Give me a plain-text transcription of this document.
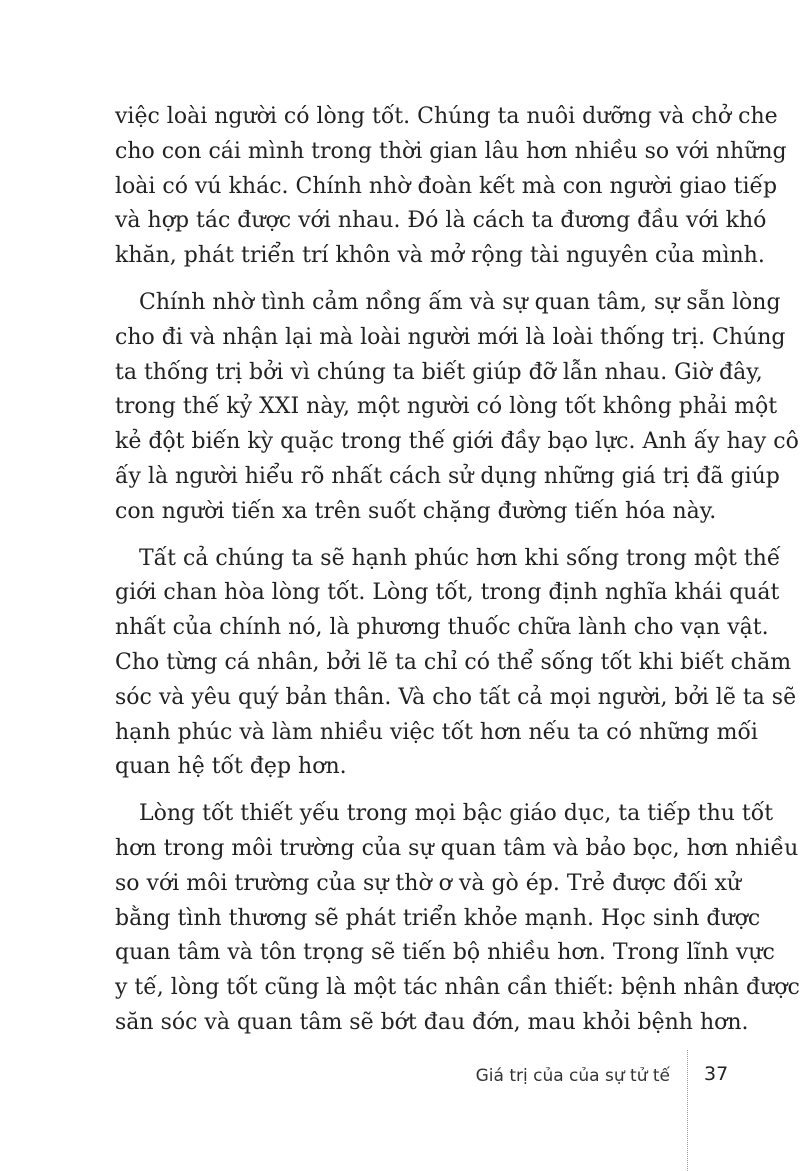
việc loài người có lòng tốt. Chúng ta nuôi dưỡng và chở che
cho con cái mình trong thời gian lâu hơn nhiều so với những
loài có vú khác. Chính nhờ đoàn kết mà con người giao tiếp
và hợp tác được với nhau. Đó là cách ta đương đầu với khó
khăn, phát triển trí khôn và mở rộng tài nguyên của mình.

Chính nhờ tình cảm nồng ấm và sự quan tâm, sự sẵn lòng
cho đi và nhận lại mà loài người mới là loài thống trị. Chúng
ta thống trị bởi vì chúng ta biết giúp đỡ lẫn nhau. Giờ đây,
trong thế kỷ XXI này, một người có lòng tốt không phải một
kẻ đột biến kỳ quặc trong thế giới đầy bạo lực. Anh ấy hay cô
ấy là người hiểu rõ nhất cách sử dụng những giá trị đã giúp
con người tiến xa trên suốt chặng đường tiến hóa này.

Tất cả chúng ta sẽ hạnh phúc hơn khi sống trong một thế
giới chan hòa lòng tốt. Lòng tốt, trong định nghĩa khái quát
nhất của chính nó, là phương thuốc chữa lành cho vạn vật.
Cho từng cá nhân, bởi lẽ ta chỉ có thể sống tốt khi biết chăm
sóc và yêu quý bản thân. Và cho tất cả mọi người, bởi lẽ ta sẽ
hạnh phúc và làm nhiều việc tốt hơn nếu ta có những mối
quan hệ tốt đẹp hơn.

Lòng tốt thiết yếu trong mọi bậc giáo dục, ta tiếp thu tốt
hơn trong môi trường của sự quan tâm và bảo bọc, hơn nhiều
so với môi trường của sự thờ ơ và gò ép. Trẻ được đối xử
bằng tình thương sẽ phát triển khỏe mạnh. Học sinh được
quan tâm và tôn trọng sẽ tiến bộ nhiều hơn. Trong lĩnh vực
y tế, lòng tốt cũng là một tác nhân cần thiết: bệnh nhân được
săn sóc và quan tâm sẽ bớt đau đớn, mau khỏi bệnh hơn.

Giá trị của của sự tử tế 37
